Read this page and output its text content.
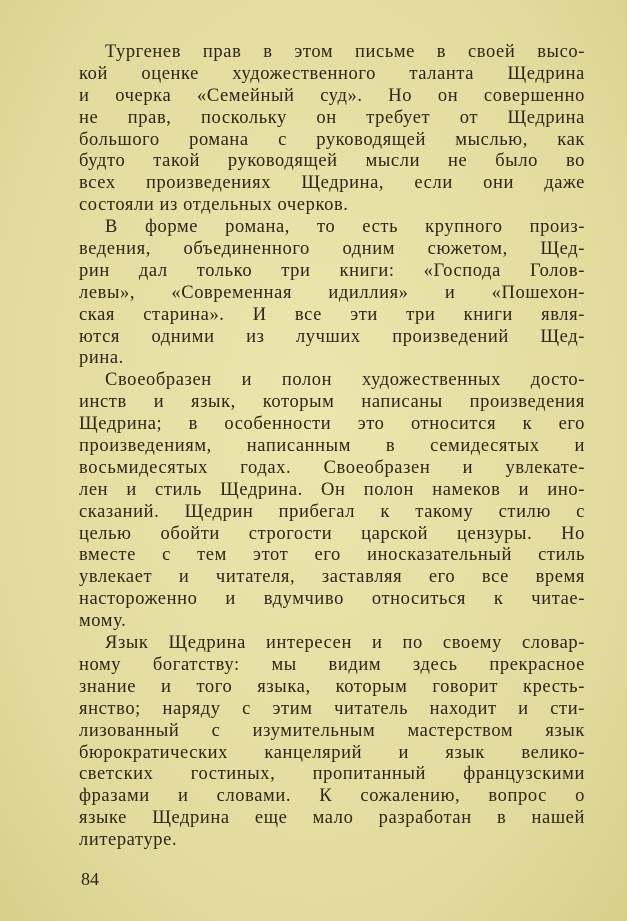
Тургенев прав в этом письме в своей высо-
кой оценке художественного таланта Щедрина
и очерка «Семейный суд». Но он совершенно
не прав, поскольку он требует от Щедрина
большого романа с руководящей мыслью, как
будто такой руководящей мысли не было во
всех произведениях Щедрина, если они даже
состояли из отдельных очерков.
В форме романа, то есть крупного произ-
ведения, объединенного одним сюжетом, Щед-
рин дал только три книги: «Господа Голов-
левы», «Современная идиллия» и «Пошехон-
ская старина». И все эти три книги явля-
ются одними из лучших произведений Щед-
рина.
Своеобразен и полон художественных досто-
инств и язык, которым написаны произведения
Щедрина; в особенности это относится к его
произведениям, написанным в семидесятых и
восьмидесятых годах. Своеобразен и увлекате-
лен и стиль Щедрина. Он полон намеков и ино-
сказаний. Щедрин прибегал к такому стилю с
целью обойти строгости царской цензуры. Но
вместе с тем этот его иносказательный стиль
увлекает и читателя, заставляя его все время
настороженно и вдумчиво относиться к читае-
мому.
Язык Щедрина интересен и по своему словар-
ному богатству: мы видим здесь прекрасное
знание и того языка, которым говорит кресть-
янство; наряду с этим читатель находит и сти-
лизованный с изумительным мастерством язык
бюрократических канцелярий и язык велико-
светских гостиных, пропитанный французскими
фразами и словами. К сожалению, вопрос о
языке Щедрина еще мало разработан в нашей
литературе.
84
